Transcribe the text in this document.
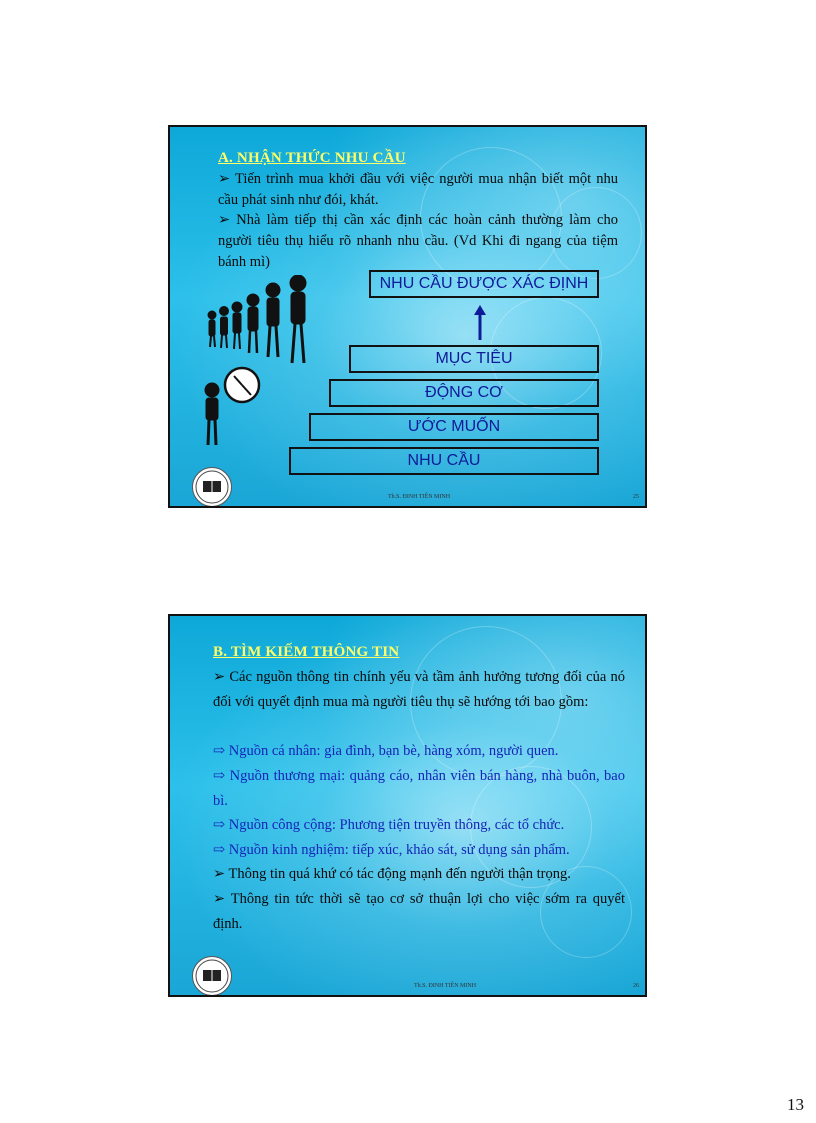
A. NHẬN THỨC NHU CẦU
➢ Tiến trình mua khởi đầu với việc người mua nhận biết một nhu cầu phát sinh như đói, khát.
➢ Nhà làm tiếp thị cần xác định các hoàn cảnh thường làm cho người tiêu thụ hiểu rõ nhanh nhu cầu. (Vd Khi đi ngang của tiệm bánh mì)
NHU CẦU ĐƯỢC XÁC ĐỊNH
MỤC TIÊU
ĐỘNG CƠ
ƯỚC MUỐN
NHU CẦU
Th.S. ĐINH TIÊN MINH	25
B. TÌM KIẾM THÔNG TIN
➢ Các nguồn thông tin chính yếu và tầm ảnh hưởng tương đối của nó đối với quyết định mua mà người tiêu thụ sẽ hướng tới bao gồm:
⇨ Nguồn cá nhân: gia đình, bạn bè, hàng xóm, người quen.
⇨ Nguồn thương mại: quảng cáo, nhân viên bán hàng, nhà buôn, bao bì.
⇨ Nguồn công cộng: Phương tiện truyền thông, các tổ chức.
⇨ Nguồn kinh nghiệm: tiếp xúc, khảo sát, sử dụng sản phẩm.
➢ Thông tin quá khứ có tác động mạnh đến người thận trọng.
➢ Thông tin tức thời sẽ tạo cơ sở thuận lợi cho việc sớm ra quyết định.
Th.S. ĐINH TIÊN MINH	26
13
